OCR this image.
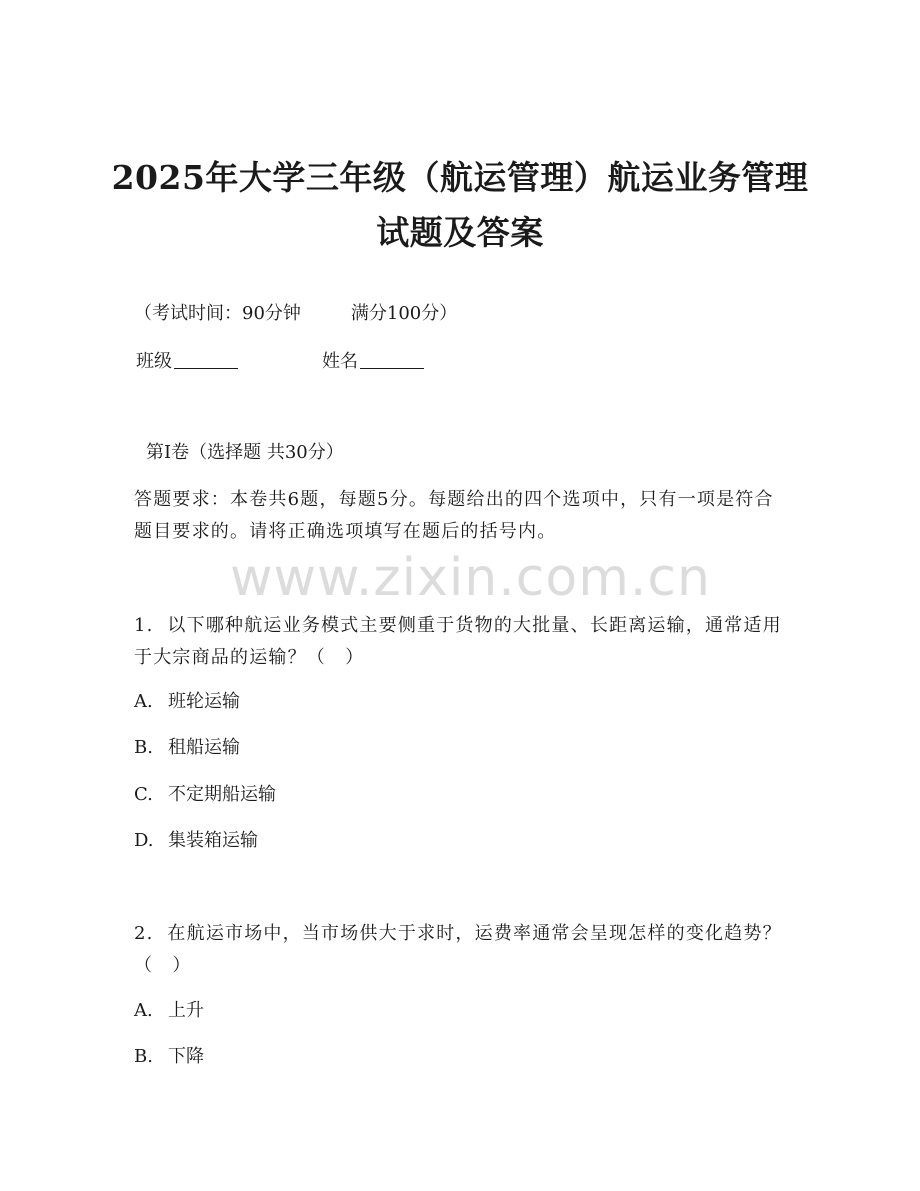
2025年大学三年级（航运管理）航运业务管理试题及答案
（考试时间：90分钟	满分100分）
班级	姓名
第Ⅰ卷（选择题 共30分）
答题要求：本卷共6题，每题5分。每题给出的四个选项中，只有一项是符合题目要求的。请将正确选项填写在题后的括号内。
www.zixin.com.cn
1. 以下哪种航运业务模式主要侧重于货物的大批量、长距离运输，通常适用于大宗商品的运输？（　）
A. 班轮运输
B. 租船运输
C. 不定期船运输
D. 集装箱运输
2. 在航运市场中，当市场供大于求时，运费率通常会呈现怎样的变化趋势？（　）
A. 上升
B. 下降
